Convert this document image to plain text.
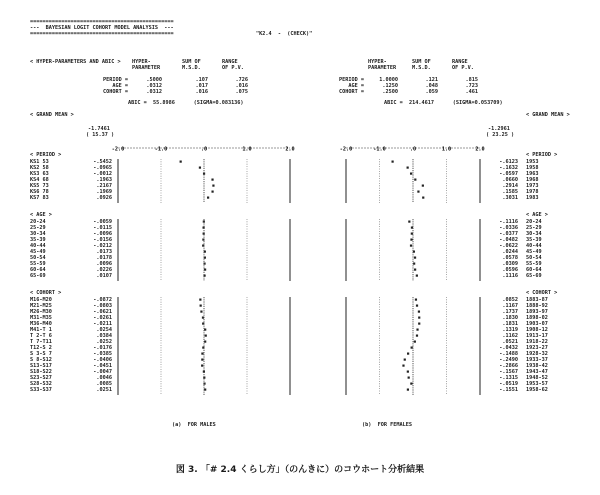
==============================================
---  BAYESIAN LOGIT COHORT MODEL ANALYSIS  ---
==============================================	"K2.4  -  (CHECK)"
< HYPER-PARAMETERS AND ABIC >
ABIC =  55.8986      (SIGMA=0.083136)	ABIC =  214.4617      (SIGMA=0.053709)
< GRAND MEAN >	< GRAND MEAN >
-1.7461
( 15.37 )
-1.2961
( 23.25 )
-2.0	-1.0	.0	1.0	2.0	-2.0	-1.0	.0	1.0	2.0
(a)  FOR MALES	(b)  FOR FEMALES
図 3. 「# 2.4 くらし方」（のんきに）のコウホート分析結果
HYPER-
PARAMETER
SUM OF
M.S.D.
RANGE
OF P.V.
PERIOD =	.5000	.107	.726
AGE =	.0312	.017	.016
COHORT =	.0312	.016	.075
HYPER-
PARAMETER
SUM OF
M.S.D.
RANGE
OF P.V.
PERIOD =	1.0000	.121	.815
AGE =	.1250	.048	.723
COHORT =	.2500	.059	.461
< PERIOD >	< PERIOD >
KS1 53	-.5452	-.6123 1953
KS2 58	-.0965	-.1632 1958
KS3 63	-.0012	-.0597 1963
KS4 68	.1963	.0660 1968
KS5 73	.2167	.2914 1973
KS6 78	.1969	.1585 1978
KS7 83	.0926	.3031 1983
< AGE >	< AGE >
20-24	-.0059	-.1116 20-24
25-29	-.0115	-.0336 25-29
30-34	-.0096	-.0377 30-34
35-39	-.0156	-.0482 35-39
40-44	-.0212	-.0622 40-44
45-49	.0173	.0244 45-49
50-54	.0178	.0578 50-54
55-59	.0096	.0309 55-59
60-64	.0226	.0596 60-64
65-69	.0107	.1116 65-69
< COHORT >	< COHORT >
M16-M20	-.0872	.0852 1883-87
M21-M25	-.0803	.1167 1888-92
M26-M30	-.0621	.1737 1893-97
M31-M35	-.0261	.1830 1898-02
M36-M40	-.0211	.1831 1903-07
M41-T 1	.0254	.1319 1908-12
T 2-T 6	.0384	.1162 1913-17
T 7-T11	.0252	.0521 1918-22
T12-S 2	-.0176	-.0432 1923-27
S 3-S 7	-.0385	-.1488 1928-32
S 8-S12	-.0406	-.2490 1933-37
S13-S17	-.0451	-.2866 1938-42
S18-S22	-.0047	-.1567 1943-47
S23-S27	.0046	-.1315 1948-52
S28-S32	.0085	-.0519 1953-57
S33-S37	.0251	-.1551 1958-62
